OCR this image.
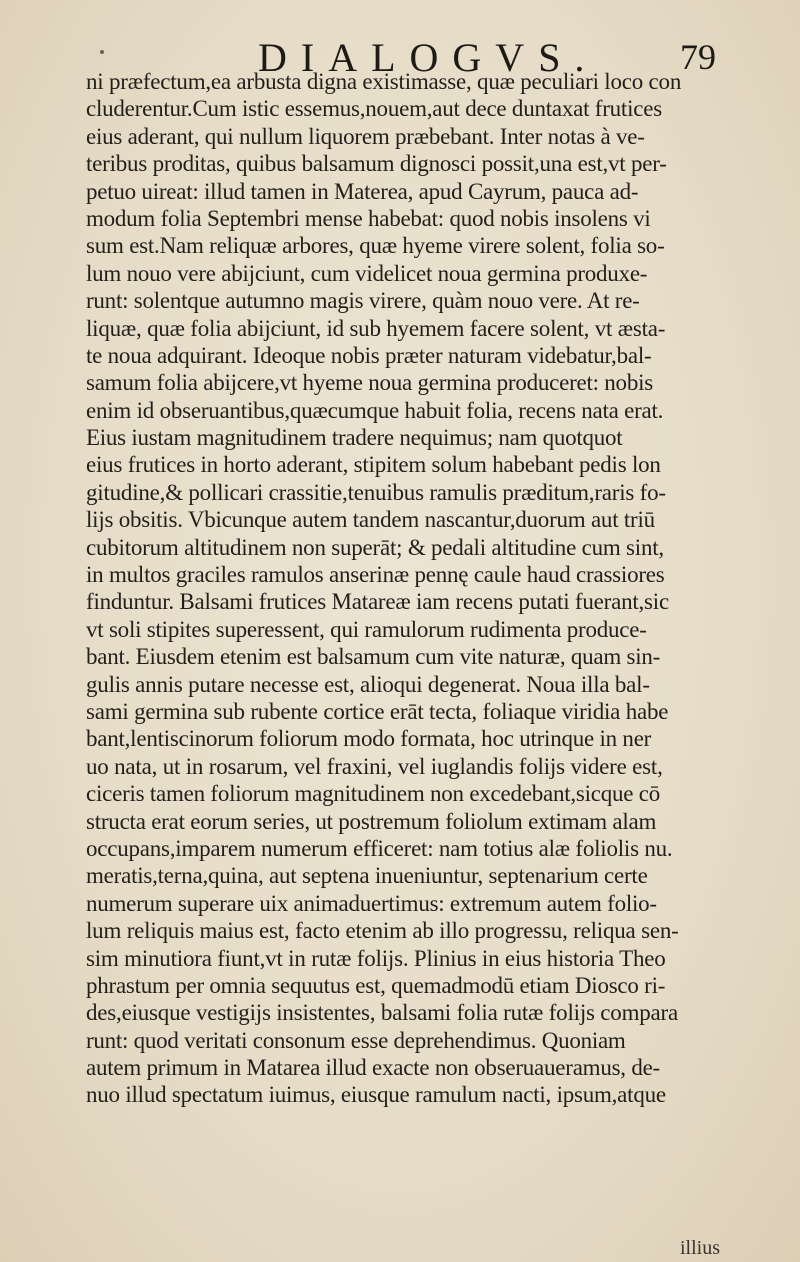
DIALOGVS. 79
ni præfectum,ea arbusta digna existimasse, quæ peculiari loco con
cluderentur.Cum istic essemus,nouem,aut dece duntaxat frutices
eius aderant, qui nullum liquorem præbebant. Inter notas à ve-
teribus proditas, quibus balsamum dignosci possit,una est,vt per-
petuo uireat: illud tamen in Materea, apud Cayrum, pauca ad-
modum folia Septembri mense habebat: quod nobis insolens vi
sum est.Nam reliquæ arbores, quæ hyeme virere solent, folia so-
lum nouo vere abijciunt, cum videlicet noua germina produxe-
runt: solentque autumno magis virere, quàm nouo vere. At re-
liquæ, quæ folia abijciunt, id sub hyemem facere solent, vt æsta-
te noua adquirant. Ideoque nobis præter naturam videbatur,bal-
samum folia abijcere,vt hyeme noua germina produceret: nobis
enim id obseruantibus,quæcumque habuit folia, recens nata erat.
Eius iustam magnitudinem tradere nequimus; nam quotquot
eius frutices in horto aderant, stipitem solum habebant pedis lon
gitudine,& pollicari crassitie,tenuibus ramulis præditum,raris fo-
lijs obsitis. Vbicunque autem tandem nascantur,duorum aut triū
cubitorum altitudinem non superāt; & pedali altitudine cum sint,
in multos graciles ramulos anserinæ pennę caule haud crassiores
finduntur. Balsami frutices Matareæ iam recens putati fuerant,sic
vt soli stipites superessent, qui ramulorum rudimenta produce-
bant. Eiusdem etenim est balsamum cum vite naturæ, quam sin-
gulis annis putare necesse est, alioqui degenerat. Noua illa bal-
sami germina sub rubente cortice erāt tecta, foliaque viridia habe
bant,lentiscinorum foliorum modo formata, hoc utrinque in ner
uo nata, ut in rosarum, vel fraxini, vel iuglandis folijs videre est,
ciceris tamen foliorum magnitudinem non excedebant,sicque cō
structa erat eorum series, ut postremum foliolum extimam alam
occupans,imparem numerum efficeret: nam totius alæ foliolis nu.
meratis,terna,quina, aut septena inueniuntur, septenarium certe
numerum superare uix animaduertimus: extremum autem folio-
lum reliquis maius est, facto etenim ab illo progressu, reliqua sen-
sim minutiora fiunt,vt in rutæ folijs. Plinius in eius historia Theo
phrastum per omnia sequutus est, quemadmodū etiam Diosco ri-
des,eiusque vestigijs insistentes, balsami folia rutæ folijs compara
runt: quod veritati consonum esse deprehendimus. Quoniam
autem primum in Matarea illud exacte non obseruaueramus, de-
nuo illud spectatum iuimus, eiusque ramulum nacti, ipsum,atque
illius
